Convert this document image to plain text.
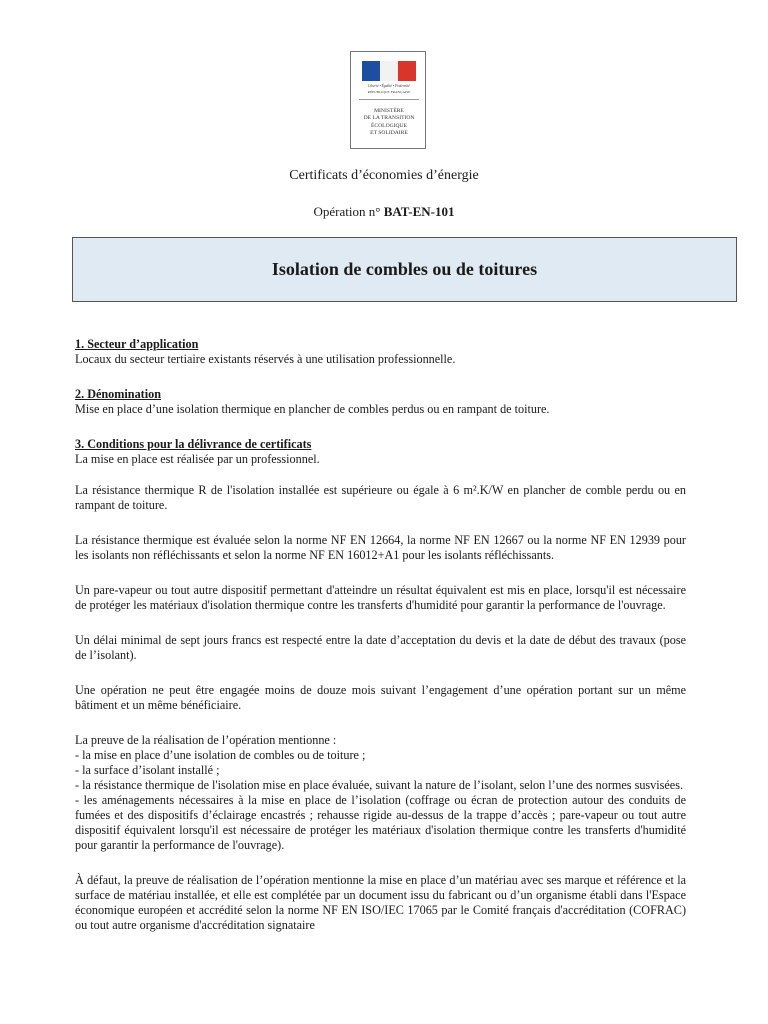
Liberté • Égalité • Fraternité
RÉPUBLIQUE FRANÇAISE
MINISTÈRE
DE LA TRANSITION
ÉCOLOGIQUE
ET SOLIDAIRE
Certificats d’économies d’énergie
Opération n° BAT-EN-101
Isolation de combles ou de toitures

1. Secteur d’application

Locaux du secteur tertiaire existants réservés à une utilisation professionnelle.

2. Dénomination

Mise en place d’une isolation thermique en plancher de combles perdus ou en rampant de toiture.

3. Conditions pour la délivrance de certificats

La mise en place est réalisée par un professionnel.

La résistance thermique R de l'isolation installée est supérieure ou égale à 6 m².K/W en plancher de comble perdu ou en rampant de toiture.

La résistance thermique est évaluée selon la norme NF EN 12664, la norme NF EN 12667 ou la norme NF EN 12939 pour les isolants non réfléchissants et selon la norme NF EN 16012+A1 pour les isolants réfléchissants.

Un pare-vapeur ou tout autre dispositif permettant d'atteindre un résultat équivalent est mis en place, lorsqu'il est nécessaire de protéger les matériaux d'isolation thermique contre les transferts d'humidité pour garantir la performance de l'ouvrage.

Un délai minimal de sept jours francs est respecté entre la date d’acceptation du devis et la date de début des travaux (pose de l’isolant).

Une opération ne peut être engagée moins de douze mois suivant l’engagement d’une opération portant sur un même bâtiment et un même bénéficiaire.

La preuve de la réalisation de l’opération mentionne :

- la mise en place d’une isolation de combles ou de toiture ;
- la surface d’isolant installé ;
- la résistance thermique de l'isolation mise en place évaluée, suivant la nature de l’isolant, selon l’une des normes susvisées.
- les aménagements nécessaires à la mise en place de l’isolation (coffrage ou écran de protection autour des conduits de fumées et des dispositifs d’éclairage encastrés ; rehausse rigide au-dessus de la trappe d’accès ; pare-vapeur ou tout autre dispositif équivalent lorsqu'il est nécessaire de protéger les matériaux d'isolation thermique contre les transferts d'humidité pour garantir la performance de l'ouvrage).

À défaut, la preuve de réalisation de l’opération mentionne la mise en place d’un matériau avec ses marque et référence et la surface de matériau installée, et elle est complétée par un document issu du fabricant ou d’un organisme établi dans l'Espace économique européen et accrédité selon la norme NF EN ISO/IEC 17065 par le Comité français d'accréditation (COFRAC) ou tout autre organisme d'accréditation signataire
